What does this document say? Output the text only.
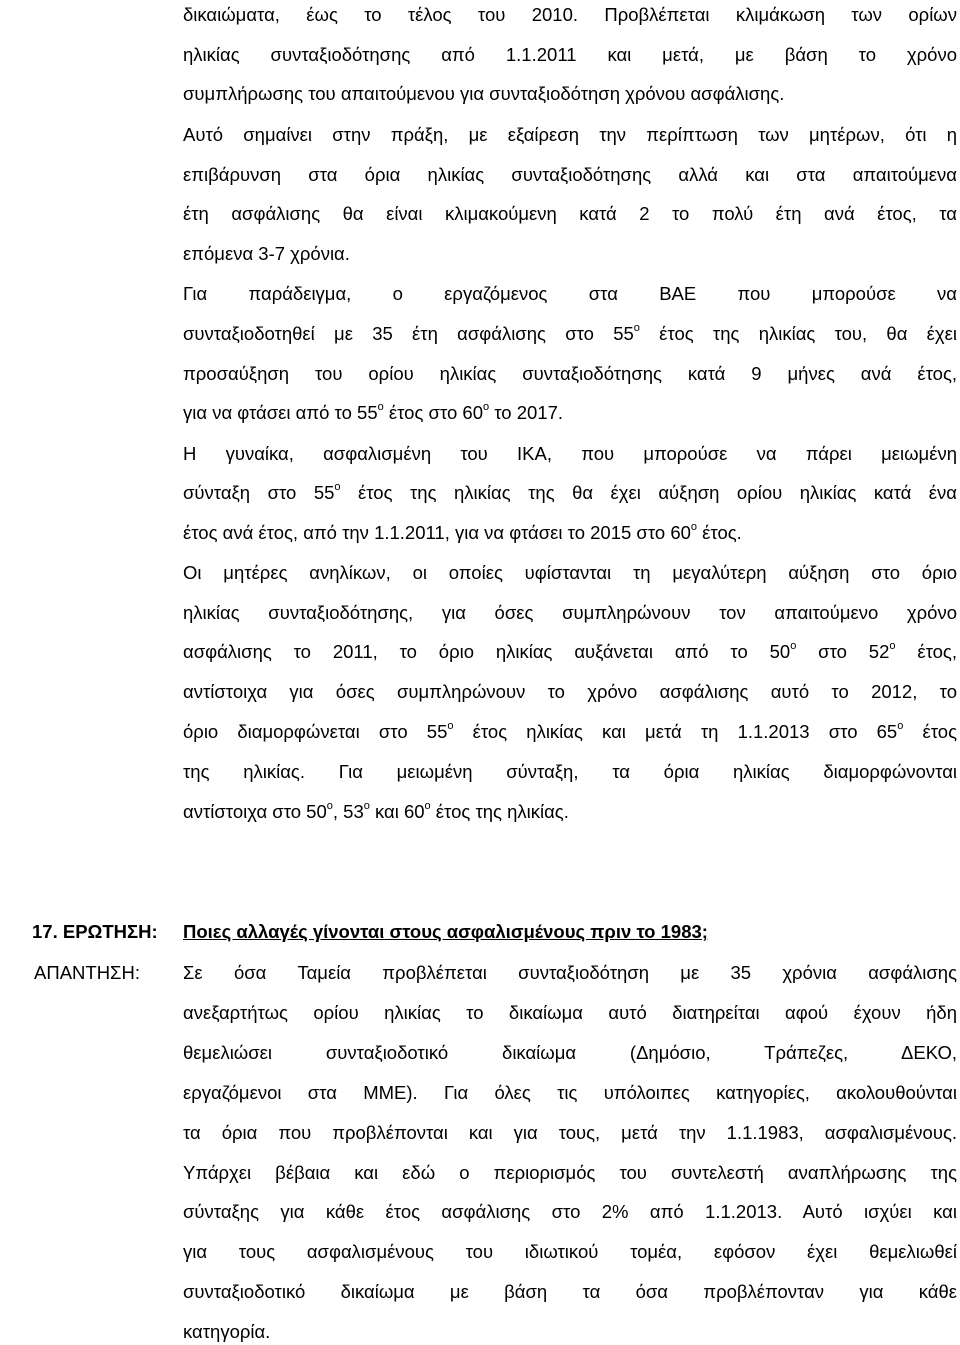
δικαιώματα, έως το τέλος του 2010. Προβλέπεται κλιμάκωση των ορίων
ηλικίας συνταξιοδότησης από 1.1.2011 και μετά, με βάση το χρόνο
συμπλήρωσης του απαιτούμενου για συνταξιοδότηση χρόνου ασφάλισης.
Αυτό σημαίνει στην πράξη, με εξαίρεση την περίπτωση των μητέρων, ότι η
επιβάρυνση στα όρια ηλικίας συνταξιοδότησης αλλά και στα απαιτούμενα
έτη ασφάλισης θα είναι κλιμακούμενη κατά 2 το πολύ έτη ανά έτος, τα
επόμενα 3-7 χρόνια.
Για παράδειγμα, ο εργαζόμενος στα ΒΑΕ που μπορούσε να
συνταξιοδοτηθεί με 35 έτη ασφάλισης στο $55^o$ έτος της ηλικίας του, θα έχει
προσαύξηση του ορίου ηλικίας συνταξιοδότησης κατά 9 μήνες ανά έτος,
για να φτάσει από το $55^o$ έτος στο $60^o$ το 2017.
Η γυναίκα, ασφαλισμένη του ΙΚΑ, που μπορούσε να πάρει μειωμένη
σύνταξη στο $55^o$ έτος της ηλικίας της θα έχει αύξηση ορίου ηλικίας κατά ένα
έτος ανά έτος, από την 1.1.2011, για να φτάσει το 2015 στο $60^o$ έτος.
Οι μητέρες ανηλίκων, οι οποίες υφίστανται τη μεγαλύτερη αύξηση στο όριο
ηλικίας συνταξιοδότησης, για όσες συμπληρώνουν τον απαιτούμενο χρόνο
ασφάλισης το 2011, το όριο ηλικίας αυξάνεται από το $50^o$ στο $52^o$ έτος,
αντίστοιχα για όσες συμπληρώνουν το χρόνο ασφάλισης αυτό το 2012, το
όριο διαμορφώνεται στο $55^o$ έτος ηλικίας και μετά τη 1.1.2013 στο $65^o$ έτος
της ηλικίας. Για μειωμένη σύνταξη, τα όρια ηλικίας διαμορφώνονται
αντίστοιχα στο $50^o$, $53^o$ και $60^o$ έτος της ηλικίας.
17. ΕΡΩΤΗΣΗ: Ποιες αλλαγές γίνονται στους ασφαλισμένους πριν το 1983;
ΑΠΑΝΤΗΣΗ: Σε όσα Ταμεία προβλέπεται συνταξιοδότηση με 35 χρόνια ασφάλισης
ανεξαρτήτως ορίου ηλικίας το δικαίωμα αυτό διατηρείται αφού έχουν ήδη
θεμελιώσει συνταξιοδοτικό δικαίωμα (Δημόσιο, Τράπεζες, ΔΕΚΟ,
εργαζόμενοι στα ΜΜΕ). Για όλες τις υπόλοιπες κατηγορίες, ακολουθούνται
τα όρια που προβλέπονται και για τους, μετά την 1.1.1983, ασφαλισμένους.
Υπάρχει βέβαια και εδώ ο περιορισμός του συντελεστή αναπλήρωσης της
σύνταξης για κάθε έτος ασφάλισης στο 2% από 1.1.2013. Αυτό ισχύει και
για τους ασφαλισμένους του ιδιωτικού τομέα, εφόσον έχει θεμελιωθεί
συνταξιοδοτικό δικαίωμα με βάση τα όσα προβλέπονταν για κάθε
κατηγορία.
